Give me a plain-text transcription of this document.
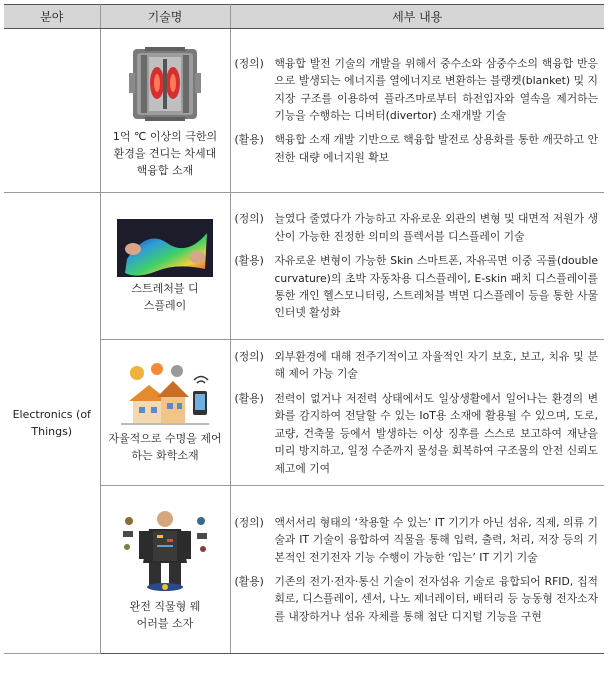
분야	기술명	세부 내용

	1억 ℃ 이상의 극한의 환경을 견디는 차세대 핵융합 소재	(정의) 핵융합 발전 기술의 개발을 위해서 중수소와 삼중수소의 핵융합 반응으로 발생되는 에너지를 열에너지로 변환하는 블랭켓(blanket) 및 지지장 구조를 이용하여 플라즈마로부터 하전입자와 열속을 제거하는 기능을 수행하는 디버터(divertor) 소재개발 기술
(활용) 핵융합 소재 개발 기반으로 핵융합 발전로 상용화를 통한 깨끗하고 안전한 대량 에너지원 확보

Electronics (of Things)	스트레처블 디스플레이	(정의) 늘였다 줄였다가 가능하고 자유로운 외관의 변형 및 대면적 저원가 생산이 가능한 진정한 의미의 플렉서블 디스플레이 기술
(활용) 자유로운 변형이 가능한 Skin 스마트폰, 자유곡면 이중 곡률(double curvature)의 초박 자동차용 디스플레이, E-skin 패치 디스플레이를 통한 개인 헬스모니터링, 스트레처블 벽면 디스플레이 등을 통한 사물인터넷 활성화

	자율적으로 수명을 제어하는 화학소재	(정의) 외부환경에 대해 전주기적이고 자율적인 자기 보호, 보고, 치유 및 분해 제어 가능 기술
(활용) 전력이 없거나 저전력 상태에서도 일상생활에서 일어나는 환경의 변화를 감지하여 전달할 수 있는 IoT용 소재에 활용될 수 있으며, 도로, 교량, 건축물 등에서 발생하는 이상 징후를 스스로 보고하여 재난을 미리 방지하고, 일정 수준까지 물성을 회복하여 구조물의 안전 신뢰도 제고에 기여

	완전 직물형 웨어러블 소자	(정의) 액서서리 형태의 ‘착용할 수 있는’ IT 기기가 아닌 섬유, 직제, 의류 기술과 IT 기술이 융합하여 직물을 통해 입력, 출력, 처리, 저장 등의 기본적인 전기전자 기능 수행이 가능한 ‘입는’ IT 기기 기술
(활용) 기존의 전기·전자·통신 기술이 전자섬유 기술로 융합되어 RFID, 집적회로, 디스플레이, 센서, 나노 제너레이터, 배터리 등 능동형 전자소자를 내장하거나 섬유 자체를 통해 첨단 디지털 기능을 구현
